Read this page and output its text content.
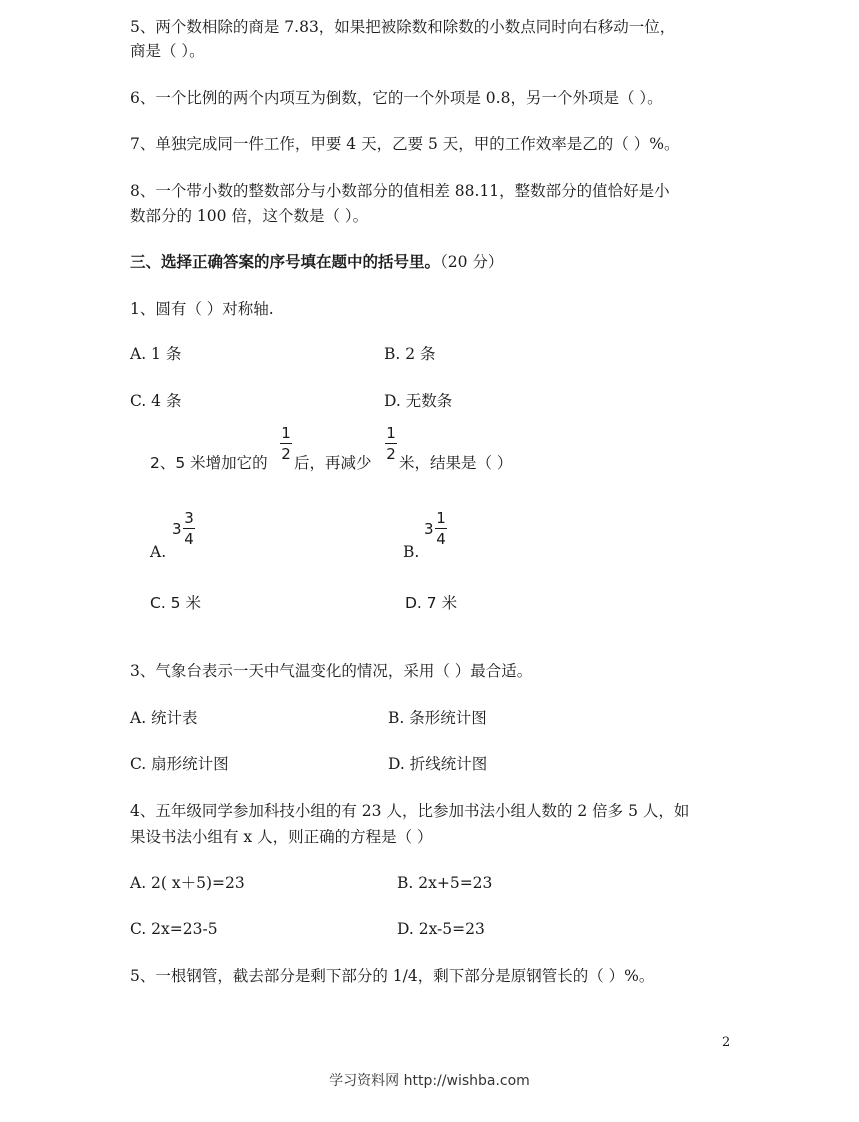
5、两个数相除的商是 7.83，如果把被除数和除数的小数点同时向右移动一位，
商是（ ）。
6、一个比例的两个内项互为倒数，它的一个外项是 0.8，另一个外项是（ ）。
7、单独完成同一件工作，甲要 4 天，乙要 5 天，甲的工作效率是乙的（ ）%。
8、一个带小数的整数部分与小数部分的值相差 88.11，整数部分的值恰好是小
数部分的 100 倍，这个数是（ ）。
三、选择正确答案的序号填在题中的括号里。（20 分）
1、圆有（ ）对称轴.
A. 1 条	B. 2 条
C. 4 条	D. 无数条
2、5 米增加它的
1
2 后，再减少
1
2 米，结果是（ ）
A.
3
3
4
B.
3
1
4
C. 5 米	D. 7 米
3、气象台表示一天中气温变化的情况，采用（ ）最合适。
A. 统计表	B. 条形统计图
C. 扇形统计图	D. 折线统计图
4、五年级同学参加科技小组的有 23 人，比参加书法小组人数的 2 倍多 5 人，如
果设书法小组有 x 人，则正确的方程是（ ）
A. 2( x＋5)=23	B. 2x+5=23
C. 2x=23-5	D. 2x-5=23
5、一根钢管，截去部分是剩下部分的 1/4，剩下部分是原钢管长的（ ）%。
2
学习资料网 http://wishba.com
